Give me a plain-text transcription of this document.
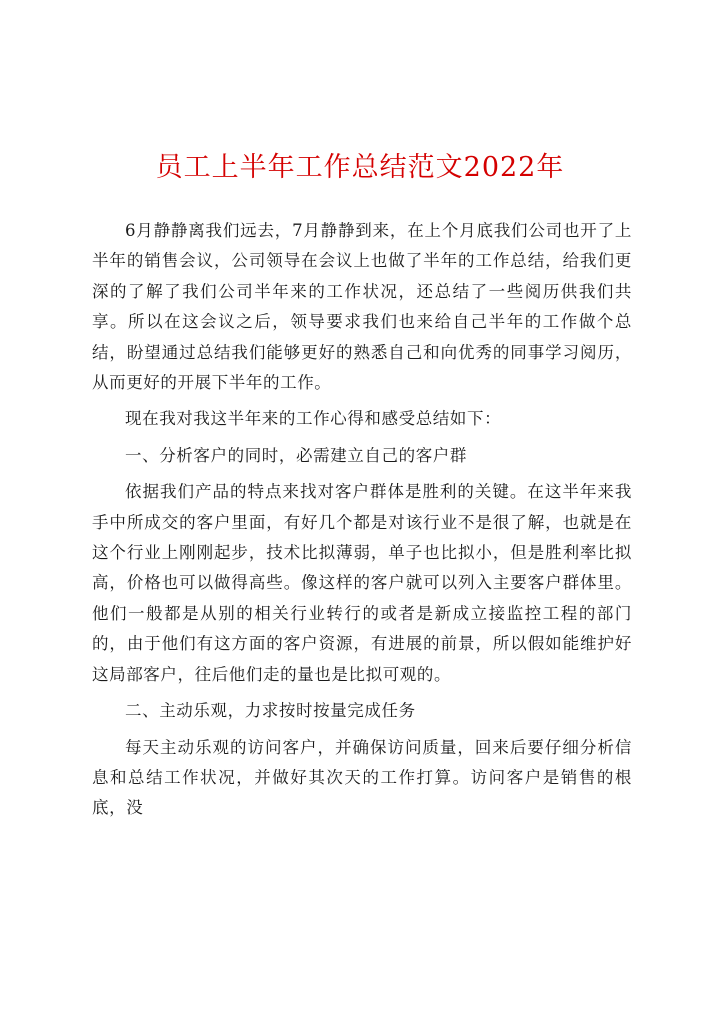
员工上半年工作总结范文2022年

6月静静离我们远去，7月静静到来，在上个月底我们公司也开了上半年的销售会议，公司领导在会议上也做了半年的工作总结，给我们更深的了解了我们公司半年来的工作状况，还总结了一些阅历供我们共享。所以在这会议之后，领导要求我们也来给自己半年的工作做个总结，盼望通过总结我们能够更好的熟悉自己和向优秀的同事学习阅历，从而更好的开展下半年的工作。

现在我对我这半年来的工作心得和感受总结如下：

一、分析客户的同时，必需建立自己的客户群

依据我们产品的特点来找对客户群体是胜利的关键。在这半年来我手中所成交的客户里面，有好几个都是对该行业不是很了解，也就是在这个行业上刚刚起步，技术比拟薄弱，单子也比拟小，但是胜利率比拟高，价格也可以做得高些。像这样的客户就可以列入主要客户群体里。他们一般都是从别的相关行业转行的或者是新成立接监控工程的部门的，由于他们有这方面的客户资源，有进展的前景，所以假如能维护好这局部客户，往后他们走的量也是比拟可观的。

二、主动乐观，力求按时按量完成任务

每天主动乐观的访问客户，并确保访问质量，回来后要仔细分析信息和总结工作状况，并做好其次天的工作打算。访问客户是销售的根底，没
